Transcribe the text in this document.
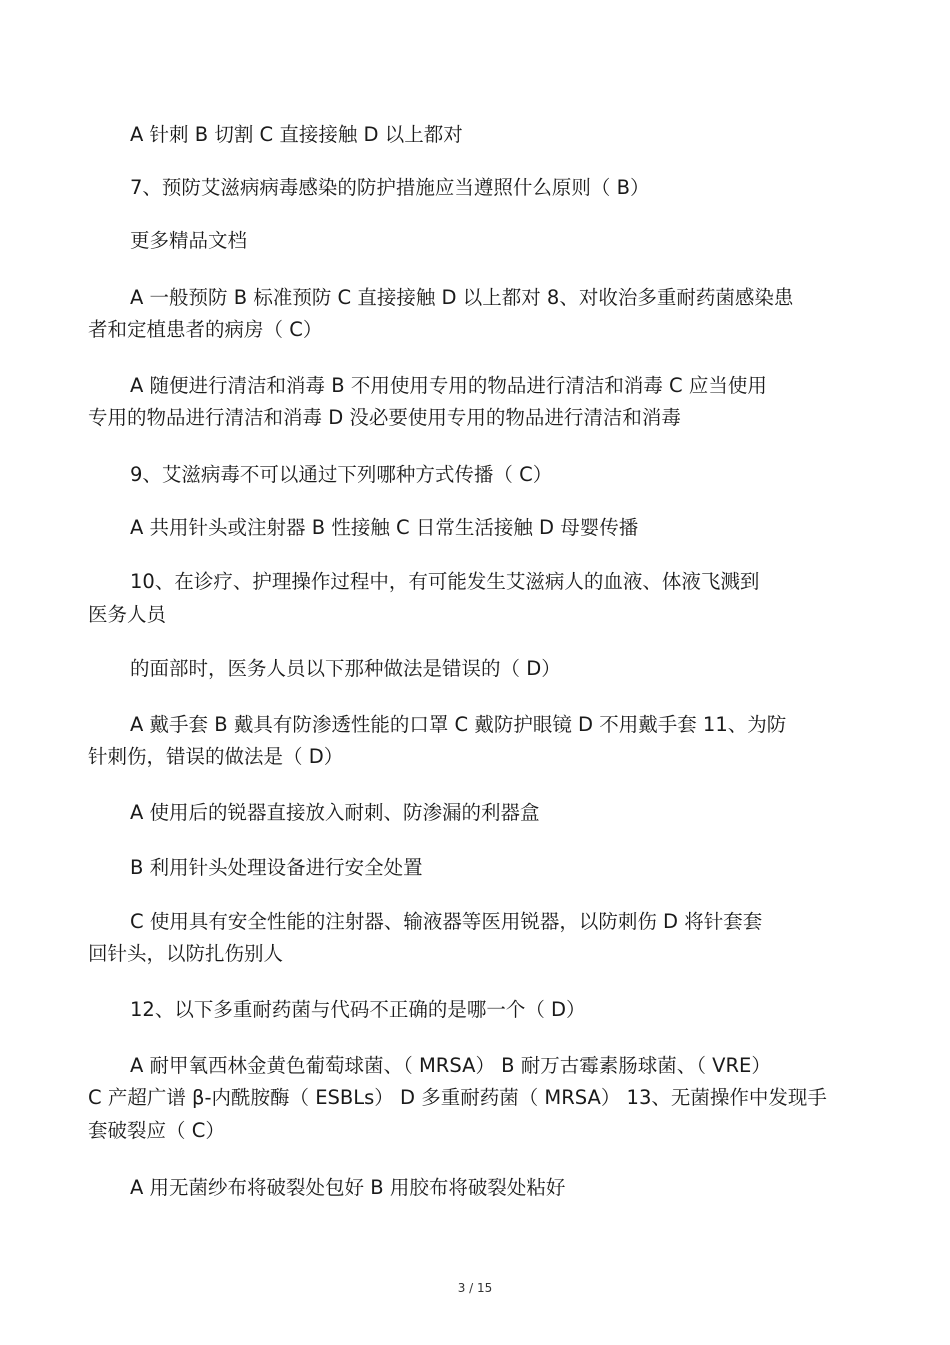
A 针刺 B 切割 C 直接接触 D 以上都对
7、预防艾滋病病毒感染的防护措施应当遵照什么原则（ B）
更多精品文档
A 一般预防 B 标准预防 C 直接接触 D 以上都对 8、对收治多重耐药菌感染患
者和定植患者的病房（ C）
A 随便进行清洁和消毒 B 不用使用专用的物品进行清洁和消毒 C 应当使用
专用的物品进行清洁和消毒 D 没必要使用专用的物品进行清洁和消毒
9、艾滋病毒不可以通过下列哪种方式传播（ C）
A 共用针头或注射器 B 性接触 C 日常生活接触 D 母婴传播
10、在诊疗、护理操作过程中，有可能发生艾滋病人的血液、体液飞溅到
医务人员
的面部时，医务人员以下那种做法是错误的（ D）
A 戴手套 B 戴具有防渗透性能的口罩 C 戴防护眼镜 D 不用戴手套 11、为防
针刺伤，错误的做法是（ D）
A 使用后的锐器直接放入耐刺、防渗漏的利器盒
B 利用针头处理设备进行安全处置
C 使用具有安全性能的注射器、输液器等医用锐器，以防刺伤 D 将针套套
回针头，以防扎伤别人
12、以下多重耐药菌与代码不正确的是哪一个（ D）
A 耐甲氧西林金黄色葡萄球菌、（ MRSA） B 耐万古霉素肠球菌、（ VRE）
C 产超广谱 β-内酰胺酶（ ESBLs） D 多重耐药菌（ MRSA） 13、无菌操作中发现手
套破裂应（ C）
A 用无菌纱布将破裂处包好 B 用胶布将破裂处粘好
3 / 15
